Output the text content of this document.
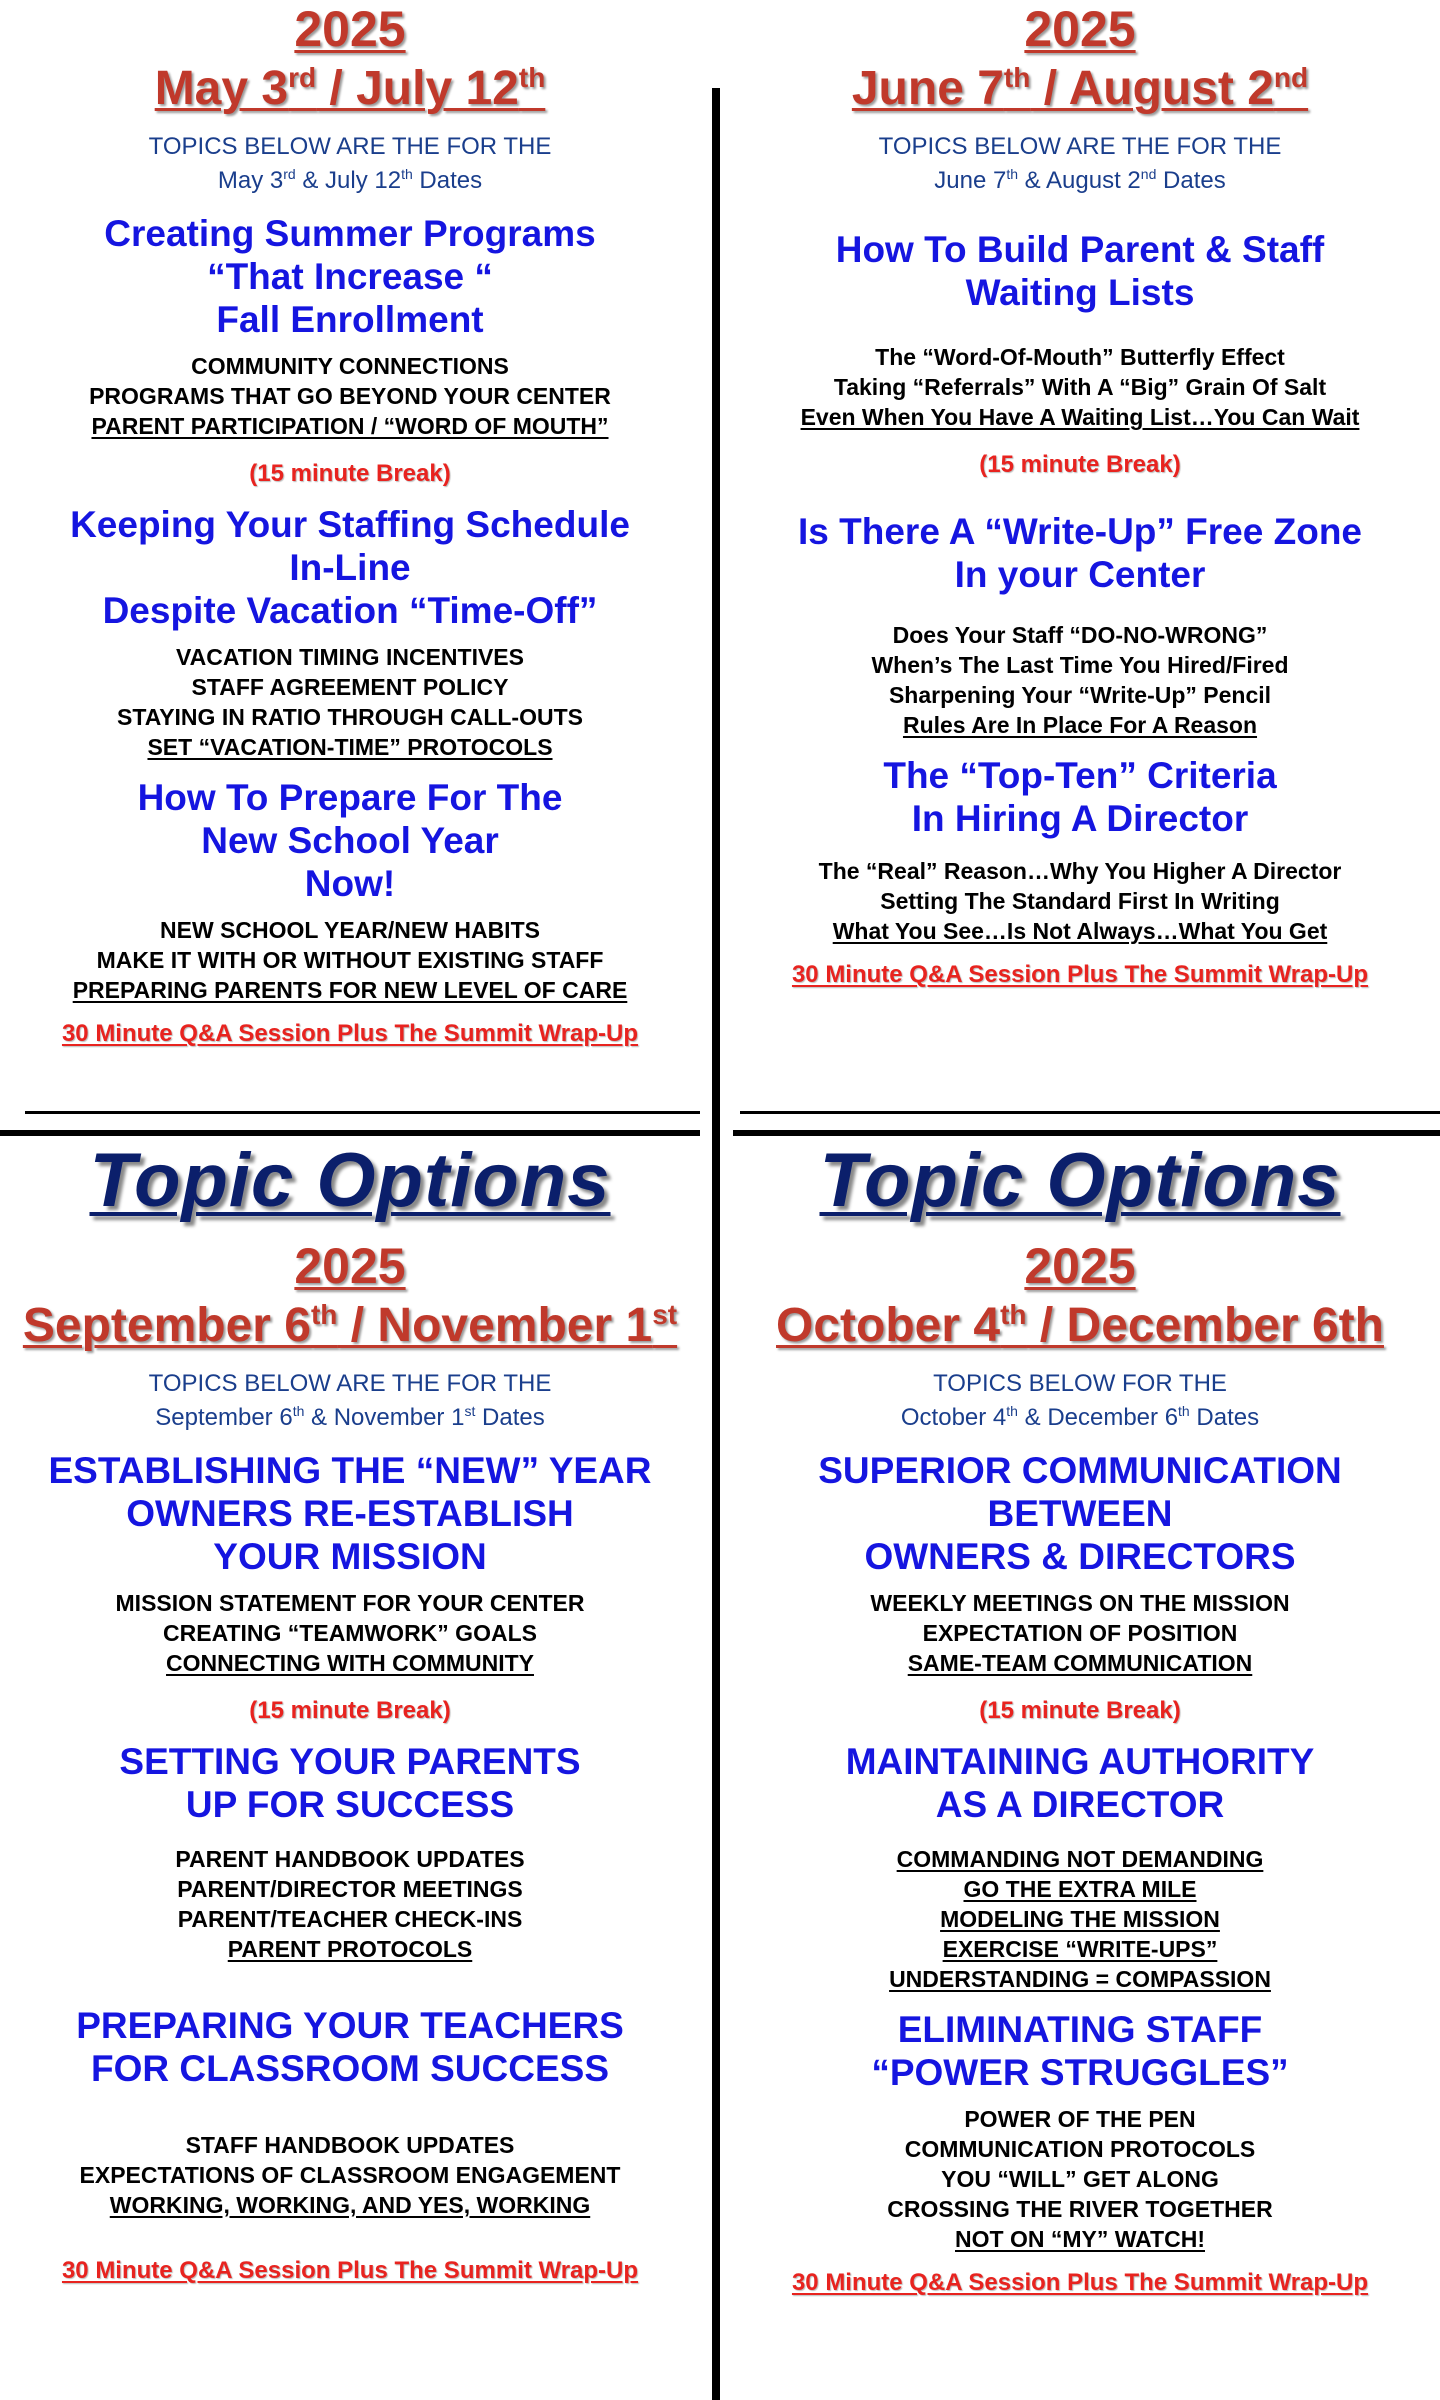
2025
May 3rd / July 12th
TOPICS BELOW ARE THE FOR THE
May 3rd & July 12th Dates
Creating Summer Programs
“That Increase “
Fall Enrollment
COMMUNITY CONNECTIONS
PROGRAMS THAT GO BEYOND YOUR CENTER
PARENT PARTICIPATION / “WORD OF MOUTH”
(15 minute Break)
Keeping Your Staffing Schedule
In-Line
Despite Vacation “Time-Off”
VACATION TIMING INCENTIVES
STAFF AGREEMENT POLICY
STAYING IN RATIO THROUGH CALL-OUTS
SET “VACATION-TIME” PROTOCOLS
How To Prepare For The
New School Year
Now!
NEW SCHOOL YEAR/NEW HABITS
MAKE IT WITH OR WITHOUT EXISTING STAFF
PREPARING PARENTS FOR NEW LEVEL OF CARE
30 Minute Q&A Session Plus The Summit Wrap-Up
2025
June 7th / August 2nd
TOPICS BELOW ARE THE FOR THE
June 7th & August 2nd Dates
How To Build Parent & Staff
Waiting Lists
The “Word-Of-Mouth” Butterfly Effect
Taking “Referrals” With A “Big” Grain Of Salt
Even When You Have A Waiting List…You Can Wait
(15 minute Break)
Is There A “Write-Up” Free Zone
In your Center
Does Your Staff “DO-NO-WRONG”
When’s The Last Time You Hired/Fired
Sharpening Your “Write-Up” Pencil
Rules Are In Place For A Reason
The “Top-Ten” Criteria
In Hiring A Director
The “Real” Reason…Why You Higher A Director
Setting The Standard First In Writing
What You See…Is Not Always…What You Get
30 Minute Q&A Session Plus The Summit Wrap-Up
Topic Options
2025
September 6th / November 1st
TOPICS BELOW ARE THE FOR THE
September 6th & November 1st Dates
ESTABLISHING THE “NEW” YEAR
OWNERS RE-ESTABLISH
YOUR MISSION
MISSION STATEMENT FOR YOUR CENTER
CREATING “TEAMWORK” GOALS
CONNECTING WITH COMMUNITY
(15 minute Break)
SETTING YOUR PARENTS
UP FOR SUCCESS
PARENT HANDBOOK UPDATES
PARENT/DIRECTOR MEETINGS
PARENT/TEACHER CHECK-INS
PARENT PROTOCOLS
PREPARING YOUR TEACHERS
FOR CLASSROOM SUCCESS
STAFF HANDBOOK UPDATES
EXPECTATIONS OF CLASSROOM ENGAGEMENT
WORKING, WORKING, AND YES, WORKING
30 Minute Q&A Session Plus The Summit Wrap-Up
Topic Options
2025
October 4th / December 6th
TOPICS BELOW FOR THE
October 4th & December 6th Dates
SUPERIOR COMMUNICATION
BETWEEN
OWNERS & DIRECTORS
WEEKLY MEETINGS ON THE MISSION
EXPECTATION OF POSITION
SAME-TEAM COMMUNICATION
(15 minute Break)
MAINTAINING AUTHORITY
AS A DIRECTOR
COMMANDING NOT DEMANDING
GO THE EXTRA MILE
MODELING THE MISSION
EXERCISE “WRITE-UPS”
UNDERSTANDING = COMPASSION
ELIMINATING STAFF
“POWER STRUGGLES”
POWER OF THE PEN
COMMUNICATION PROTOCOLS
YOU “WILL” GET ALONG
CROSSING THE RIVER TOGETHER
NOT ON “MY” WATCH!
30 Minute Q&A Session Plus The Summit Wrap-Up
